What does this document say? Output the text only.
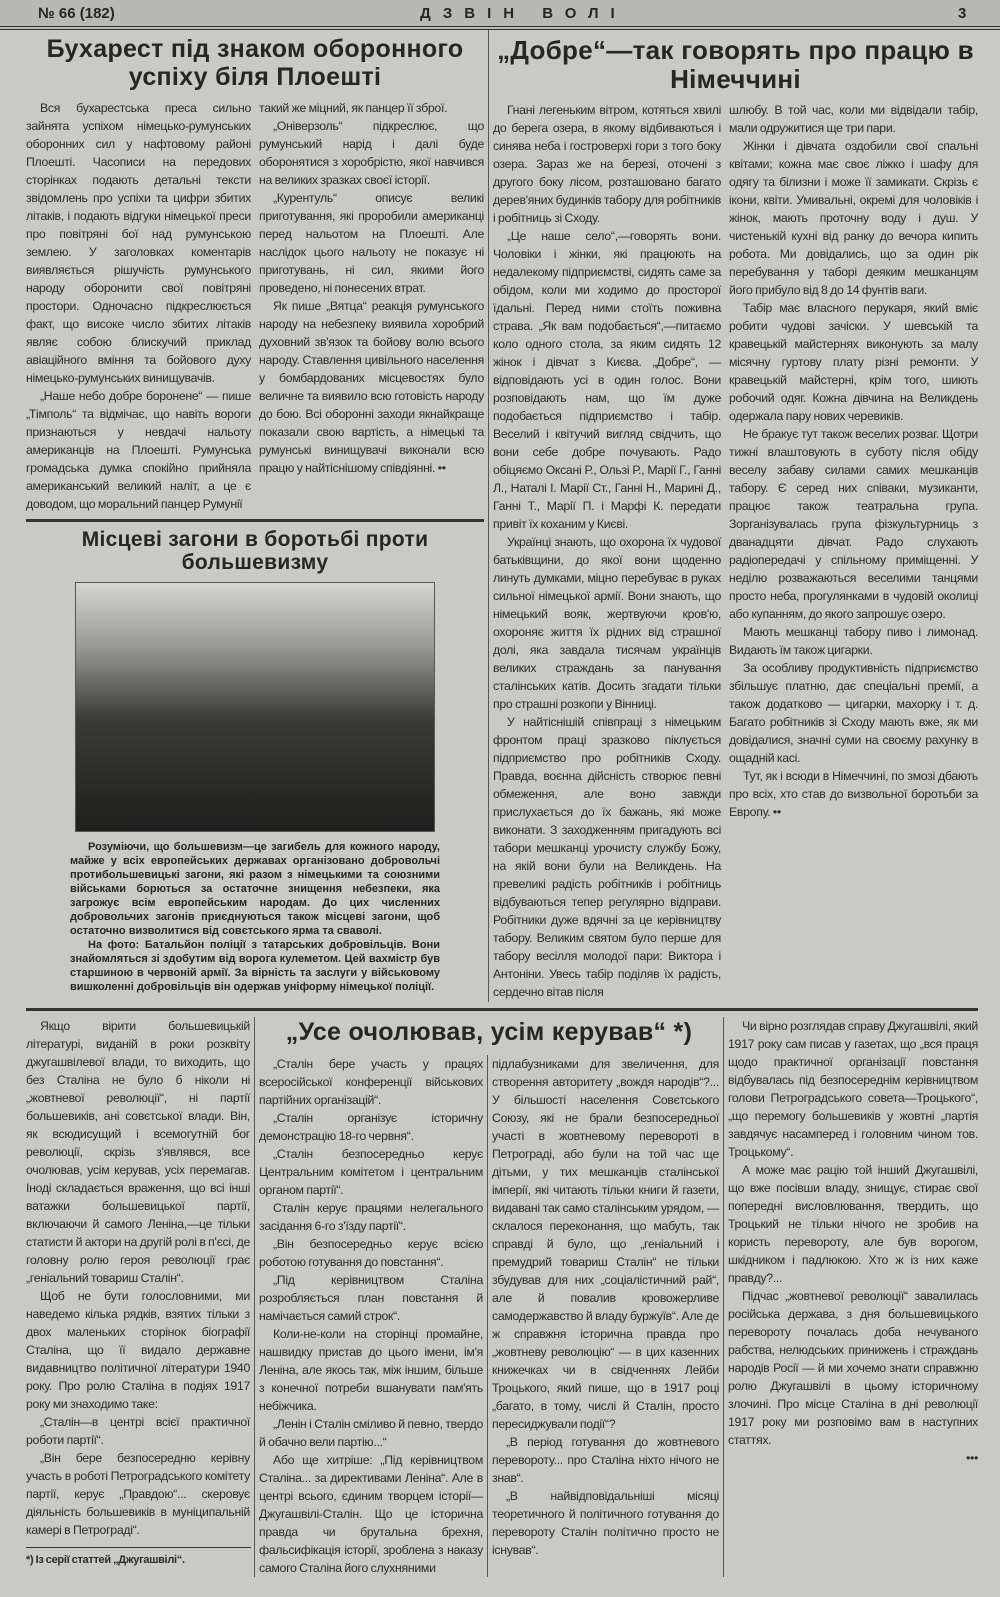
№ 66 (182)	ДЗВІН ВОЛІ	3
Бухарест під знаком оборонного успіху біля Плоешті

Вся бухарестська преса сильно зайнята успіхом німецько-румунських оборонних сил у нафтовому районі Плоешті. Часописи на передових сторінках подають детальні тексти звідомлень про успіхи та цифри збитих літаків, і подають відгуки німецької преси про повітряні бої над румунською землею. У заголовках коментарів виявляється рішучість румунського народу оборонити свої повітряні простори. Одночасно підкреслюється факт, що високе число збитих літаків являє собою блискучий приклад авіаційного вміння та бойового духу німецько-румунських винищувачів.

„Наше небо добре боронене“ — пише „Тімполь“ та відмічає, що навіть вороги признаються у невдачі нальоту американців на Плоешті. Румунська громадська думка спокійно прийняла американський великий наліт, а це є доводом, що моральний панцер Румунії

такий же міцний, як панцер її зброї.

„Оніверзоль“ підкреслює, що румунський нарід і далі буде оборонятися з хоробрістю, якої навчився на великих зразках своєї історії.

„Курентуль“ описує великі приготування, які проробили американці перед нальотом на Плоешті. Але наслідок цього нальоту не показує ні приготувань, ні сил, якими його проведено, ні понесених втрат.

Як пише „Вятца“ реакція румунського народу на небезпеку виявила хоробрий духовний зв'язок та бойову волю всього народу. Ставлення цивільного населення у бомбардованих місцевостях було величне та виявило всю готовість народу до бою. Всі оборонні заходи якнайкраще показали свою вартість, а німецькі та румунські винищувачі виконали всю працю у найтіснішому співдіянні. ••

Місцеві загони в боротьбі проти большевизму

Розуміючи, що большевизм—це загибель для кожного народу, майже у всіх европейських державах організовано добровольчі протибольшевицькі загони, які разом з німецькими та союзними військами борються за остаточне знищення небезпеки, яка загрожує всім европейським народам. До цих численних добровольчих загонів приєднуються також місцеві загони, щоб остаточно визволитися від совєтського ярма та сваволі.

На фото: Батальйон поліції з татарських добровільців. Вони знайомляться зі здобутим від ворога кулеметом. Цей вахмістр був старшиною в червоній армії. За вірність та заслуги у військовому вишколенні добровільців він одержав уніформу німецької поліції.

„Добре“—так говорять про працю в Німеччині

Гнані легеньким вітром, котяться хвилі до берега озера, в якому відбиваються і синява неба і гостроверхі гори з того боку озера. Зараз же на березі, оточені з другого боку лісом, розташовано багато дерев'яних будинків табору для робітників і робітниць зі Сходу.

„Це наше село“,—говорять вони. Чоловіки і жінки, які працюють на недалекому підприємстві, сидять саме за обідом, коли ми ходимо до просторої їдальні. Перед ними стоїть поживна страва. „Як вам подобається“,—питаємо коло одного стола, за яким сидять 12 жінок і дівчат з Києва. „Добре“, — відповідають усі в один голос. Вони розповідають нам, що їм дуже подобається підприємство і табір. Веселий і квітучий вигляд свідчить, що вони себе добре почувають. Радо обіцяємо Оксані Р., Ользі Р., Марії Г., Ганні Л., Наталі І. Марії Ст., Ганні Н., Марині Д., Ганні Т., Марії П. і Марфі К. передати привіт їх коханим у Києві.

Українці знають, що охорона їх чудової батьківщини, до якої вони щоденно линуть думками, міцно перебуває в руках сильної німецької армії. Вони знають, що німецький вояк, жертвуючи кров'ю, охороняє життя їх рідних від страшної долі, яка завдала тисячам українців великих страждань за панування сталінських катів. Досить згадати тільки про страшні розкопи у Вінниці.

У найтіснішій співпраці з німецьким фронтом праці зразково піклується підприємство про робітників Сходу. Правда, воєнна дійсність створює певні обмеження, але воно завжди прислухається до їх бажань, які може виконати. З заходженням пригадують всі табори мешканці урочисту службу Божу, на якій вони були на Великдень. На превеликі радість робітників і робітниць відбуваються тепер регулярно відправи. Робітники дуже вдячні за це керівництву табору. Великим святом було перше для табору весілля молодої пари: Виктора і Антоніни. Увесь табір поділяв їх радість, сердечно вітав після

шлюбу. В той час, коли ми відвідали табір, мали одружитися ще три пари.

Жінки і дівчата оздобили свої спальні квітами; кожна має своє ліжко і шафу для одягу та білизни і може її замикати. Скрізь є ікони, квіти. Умивальні, окремі для чоловіків і жінок, мають проточну воду і душ. У чистенькій кухні від ранку до вечора кипить робота. Ми довідались, що за один рік перебування у таборі деяким мешканцям його прибуло від 8 до 14 фунтів ваги.

Табір має власного перукаря, який вміє робити чудові зачіски. У шевській та кравецькій майстернях виконують за малу місячну гуртову плату різні ремонти. У кравецькій майстерні, крім того, шиють робочий одяг. Кожна дівчина на Великдень одержала пару нових черевиків.

Не бракує тут також веселих розваг. Щотри тижні влаштовують в суботу після обіду веселу забаву силами самих мешканців табору. Є серед них співаки, музиканти, працює також театральна група. Зорганізувалась група фізкультурниць з дванадцяти дівчат. Радо слухають радіопередачі у спільному приміщенні. У неділю розважаються веселими танцями просто неба, прогулянками в чудовій околиці або купанням, до якого запрошує озеро.

Мають мешканці табору пиво і лимонад. Видають їм також цигарки.

За особливу продуктивність підприємство збільшує платню, дає спеціальні премії, а також додатково — цигарки, махорку і т. д. Багато робітників зі Сходу мають вже, як ми довідалися, значні суми на своєму рахунку в ощадній касі.

Тут, як і всюди в Німеччині, по змозі дбають про всіх, хто став до визвольної боротьби за Европу. ••

Якщо вірити большевицькій літературі, виданій в роки розквіту джугашвілевої влади, то виходить, що без Сталіна не було б ніколи ні „жовтневої революції“, ні партії большевиків, ані совєтської влади. Він, як всюдисущий і всемогутній бог революції, скрізь з'являвся, все очолював, усім керував, усіх перемагав. Іноді складається враження, що всі інші ватажки большевицької партії, включаючи й самого Леніна,—це тільки статисти й актори на другій ролі в п'єсі, де головну ролю героя революції грає „геніальний товариш Сталін“.

Щоб не бути голословними, ми наведемо кілька рядків, взятих тільки з двох маленьких сторінок біографії Сталіна, що її видало державне видавництво політичної літератури 1940 року. Про ролю Сталіна в подіях 1917 року ми знаходимо таке:

„Сталін—в центрі всієї практичної роботи партії“.

„Він бере безпосередню керівну участь в роботі Петроградського комітету партії, керує „Правдою“... скеровує діяльність большевиків в муніципальній камері в Петрограді“.

*) Із серії статтей „Джугашвілі“.
„Усе очолював, усім керував“ *)

„Сталін бере участь у працях всеросійської конференції військових партійних організацій“.

„Сталін організує історичну демонстрацію 18-го червня“.

„Сталін безпосередньо керує Центральним комітетом і центральним органом партії“.

Сталін керує працями нелегального засідання 6-го з'їзду партії“.

„Він безпосередньо керує всією роботою готування до повстання“.

„Під керівництвом Сталіна розробляється план повстання й намічається самий строк“.

Коли-не-коли на сторінці промайне, нашвидку пристав до цього імени, ім'я Леніна, але якось так, між іншим, більше з конечної потреби вшанувати пам'ять небіжчика.

„Ленін і Сталін сміливо й певно, твердо й обачно вели партію...“

Або ще хитріше: „Під керівництвом Сталіна... за директивами Леніна“. Але в центрі всього, єдиним творцем історії—Джугашвілі-Сталін. Що це історична правда чи брутальна брехня, фальсифікація історії, зроблена з наказу самого Сталіна його слухняними

підлабузниками для звеличення, для створення авторитету „вождя народів“?... У більшості населення Совєтського Союзу, які не брали безпосередньої участі в жовтневому перевороті в Петрограді, або були на той час ще дітьми, у тих мешканців сталінської імперії, які читають тільки книги й газети, видавані так само сталінським урядом, — склалося переконання, що мабуть, так справді й було, що „геніальний і премудрий товариш Сталін“ не тільки збудував для них „соціалістичний рай“, але й повалив кровожерливе самодержавство й владу буржуїв“. Але де ж справжня історична правда про „жовтневу революцію“ — в цих казенних книжечках чи в свідченнях Лейби Троцького, який пише, що в 1917 році „багато, в тому, числі й Сталін, просто пересиджували події“?

„В період готування до жовтневого перевороту... про Сталіна ніхто нічого не знав“.

„В найвідповідальніші місяці теоретичного й політичного готування до перевороту Сталін політично просто не існував“.

Чи вірно розглядав справу Джугашвілі, який 1917 року сам писав у газетах, що „вся праця щодо практичної організації повстання відбувалась під безпосереднім керівництвом голови Петроградського совета—Троцького“, „що перемогу большевиків у жовтні „партія завдячує насамперед і головним чином тов. Троцькому“.

А може має рацію той інший Джугашвілі, що вже посівши владу, знищує, стирає свої попередні висловлювання, твердить, що Троцький не тільки нічого не зробив на користь перевороту, але був ворогом, шкідником і падлюкою. Хто ж із них каже правду?...

Підчас „жовтневої революції“ завалилась російська держава, з дня большевицького перевороту почалась доба нечуваного рабства, нелюдських принижень і страждань народів Росії — й ми хочемо знати справжню ролю Джугашвілі в цьому історичному злочині. Про місце Сталіна в дні революції 1917 року ми розповімо вам в наступних статтях.

•••
